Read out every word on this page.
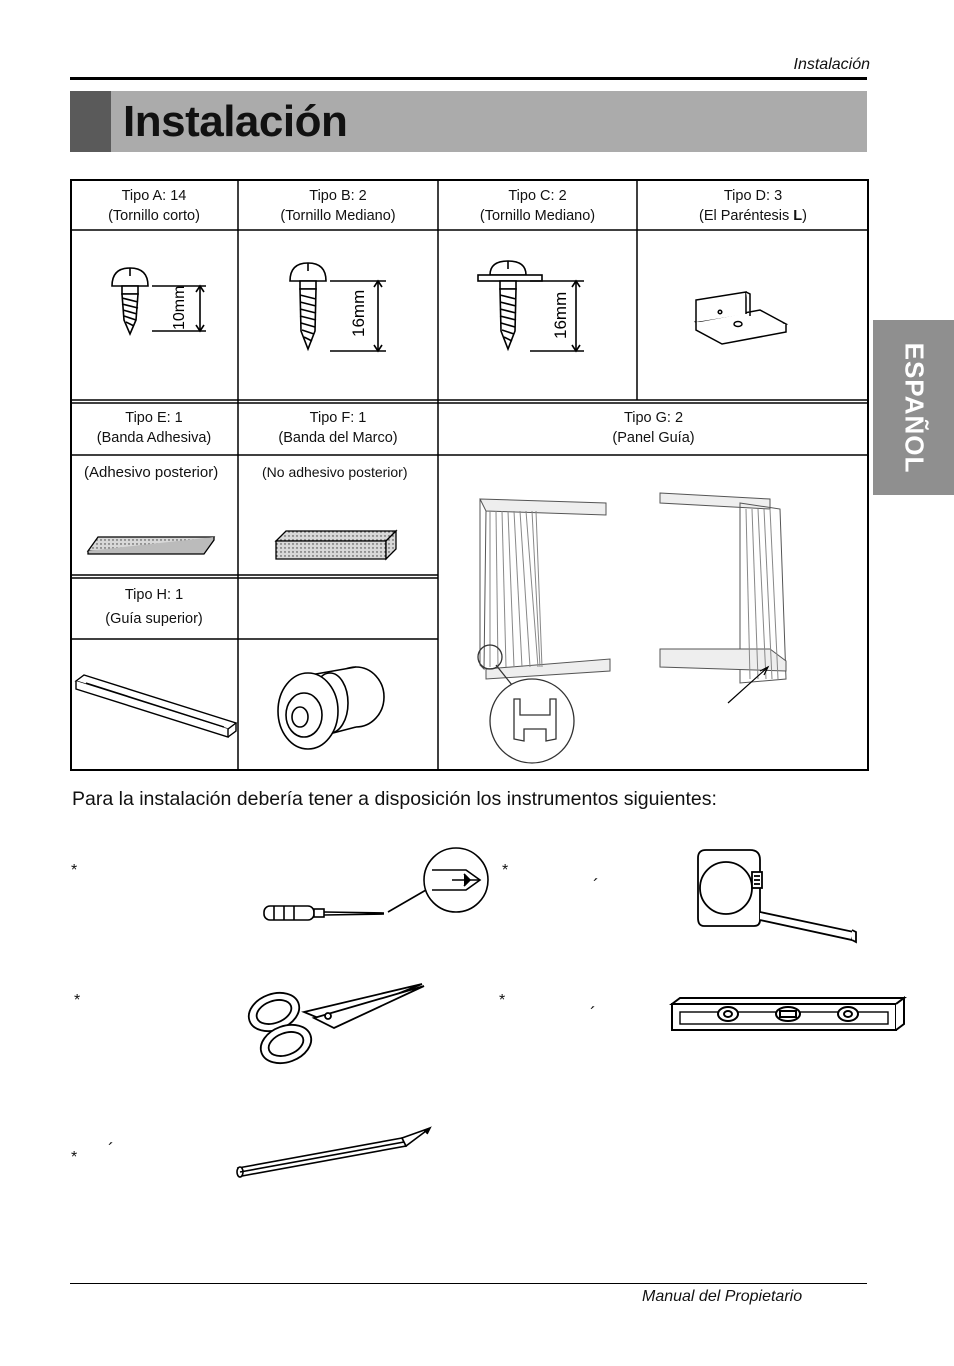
Instalación
Instalación
ESPAÑOL
Tipo A: 14
(Tornillo corto)
Tipo B: 2
(Tornillo Mediano)
Tipo C: 2
(Tornillo Mediano)
Tipo D: 3
(El Paréntesis L)
10mm	16mm	16mm
Tipo E: 1
(Banda Adhesiva)
Tipo F: 1
(Banda del Marco)
Tipo G: 2
(Panel Guía)
(Adhesivo posterior)	(No adhesivo posterior)
Tipo H: 1
(Guía superior)
Para la instalación debería tener a disposición los instrumentos siguientes:
*	*
´
*	*
´
* ´
Manual del Propietario
